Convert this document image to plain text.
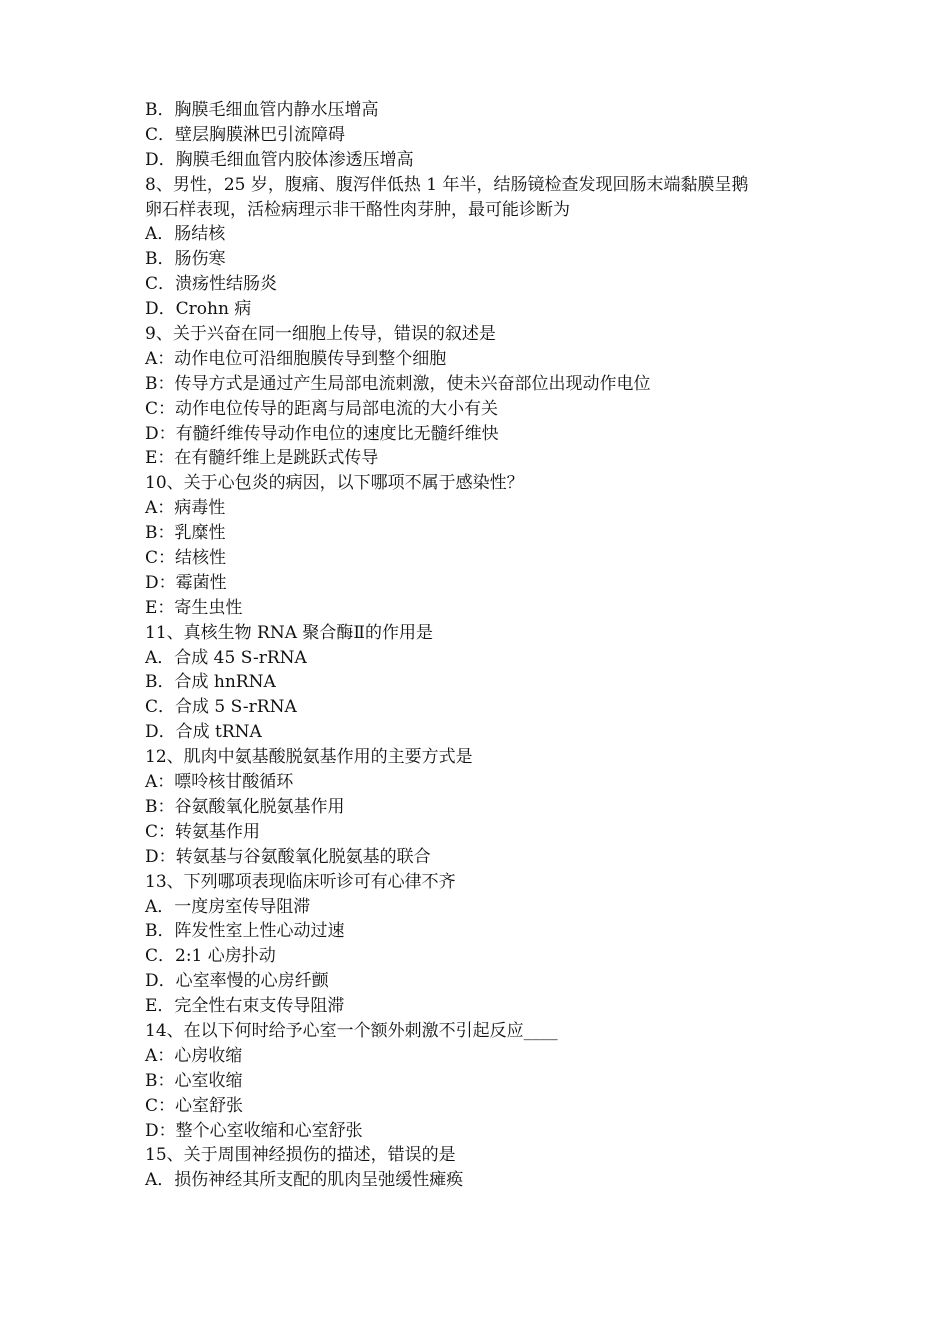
B．胸膜毛细血管内静水压增高

C．壁层胸膜淋巴引流障碍

D．胸膜毛细血管内胶体渗透压增高

8、男性，25 岁，腹痛、腹泻伴低热 1 年半，结肠镜检查发现回肠末端黏膜呈鹅

卵石样表现，活检病理示非干酪性肉芽肿，最可能诊断为

A．肠结核

B．肠伤寒

C．溃疡性结肠炎

D．Crohn 病

9、关于兴奋在同一细胞上传导，错误的叙述是

A：动作电位可沿细胞膜传导到整个细胞

B：传导方式是通过产生局部电流刺激，使未兴奋部位出现动作电位

C：动作电位传导的距离与局部电流的大小有关

D：有髓纤维传导动作电位的速度比无髓纤维快

E：在有髓纤维上是跳跃式传导

10、关于心包炎的病因，以下哪项不属于感染性？

A：病毒性

B：乳糜性

C：结核性

D：霉菌性

E：寄生虫性

11、真核生物 RNA 聚合酶Ⅱ的作用是

A．合成 45 S-rRNA

B．合成 hnRNA

C．合成 5 S-rRNA

D．合成 tRNA

12、肌肉中氨基酸脱氨基作用的主要方式是

A：嘌呤核甘酸循环

B：谷氨酸氧化脱氨基作用

C：转氨基作用

D：转氨基与谷氨酸氧化脱氨基的联合

13、下列哪项表现临床听诊可有心律不齐

A．一度房室传导阻滞

B．阵发性室上性心动过速

C．2:1 心房扑动

D．心室率慢的心房纤颤

E．完全性右束支传导阻滞

14、在以下何时给予心室一个额外刺激不引起反应____

A：心房收缩

B：心室收缩

C：心室舒张

D：整个心室收缩和心室舒张

15、关于周围神经损伤的描述，错误的是

A．损伤神经其所支配的肌肉呈弛缓性瘫痪
